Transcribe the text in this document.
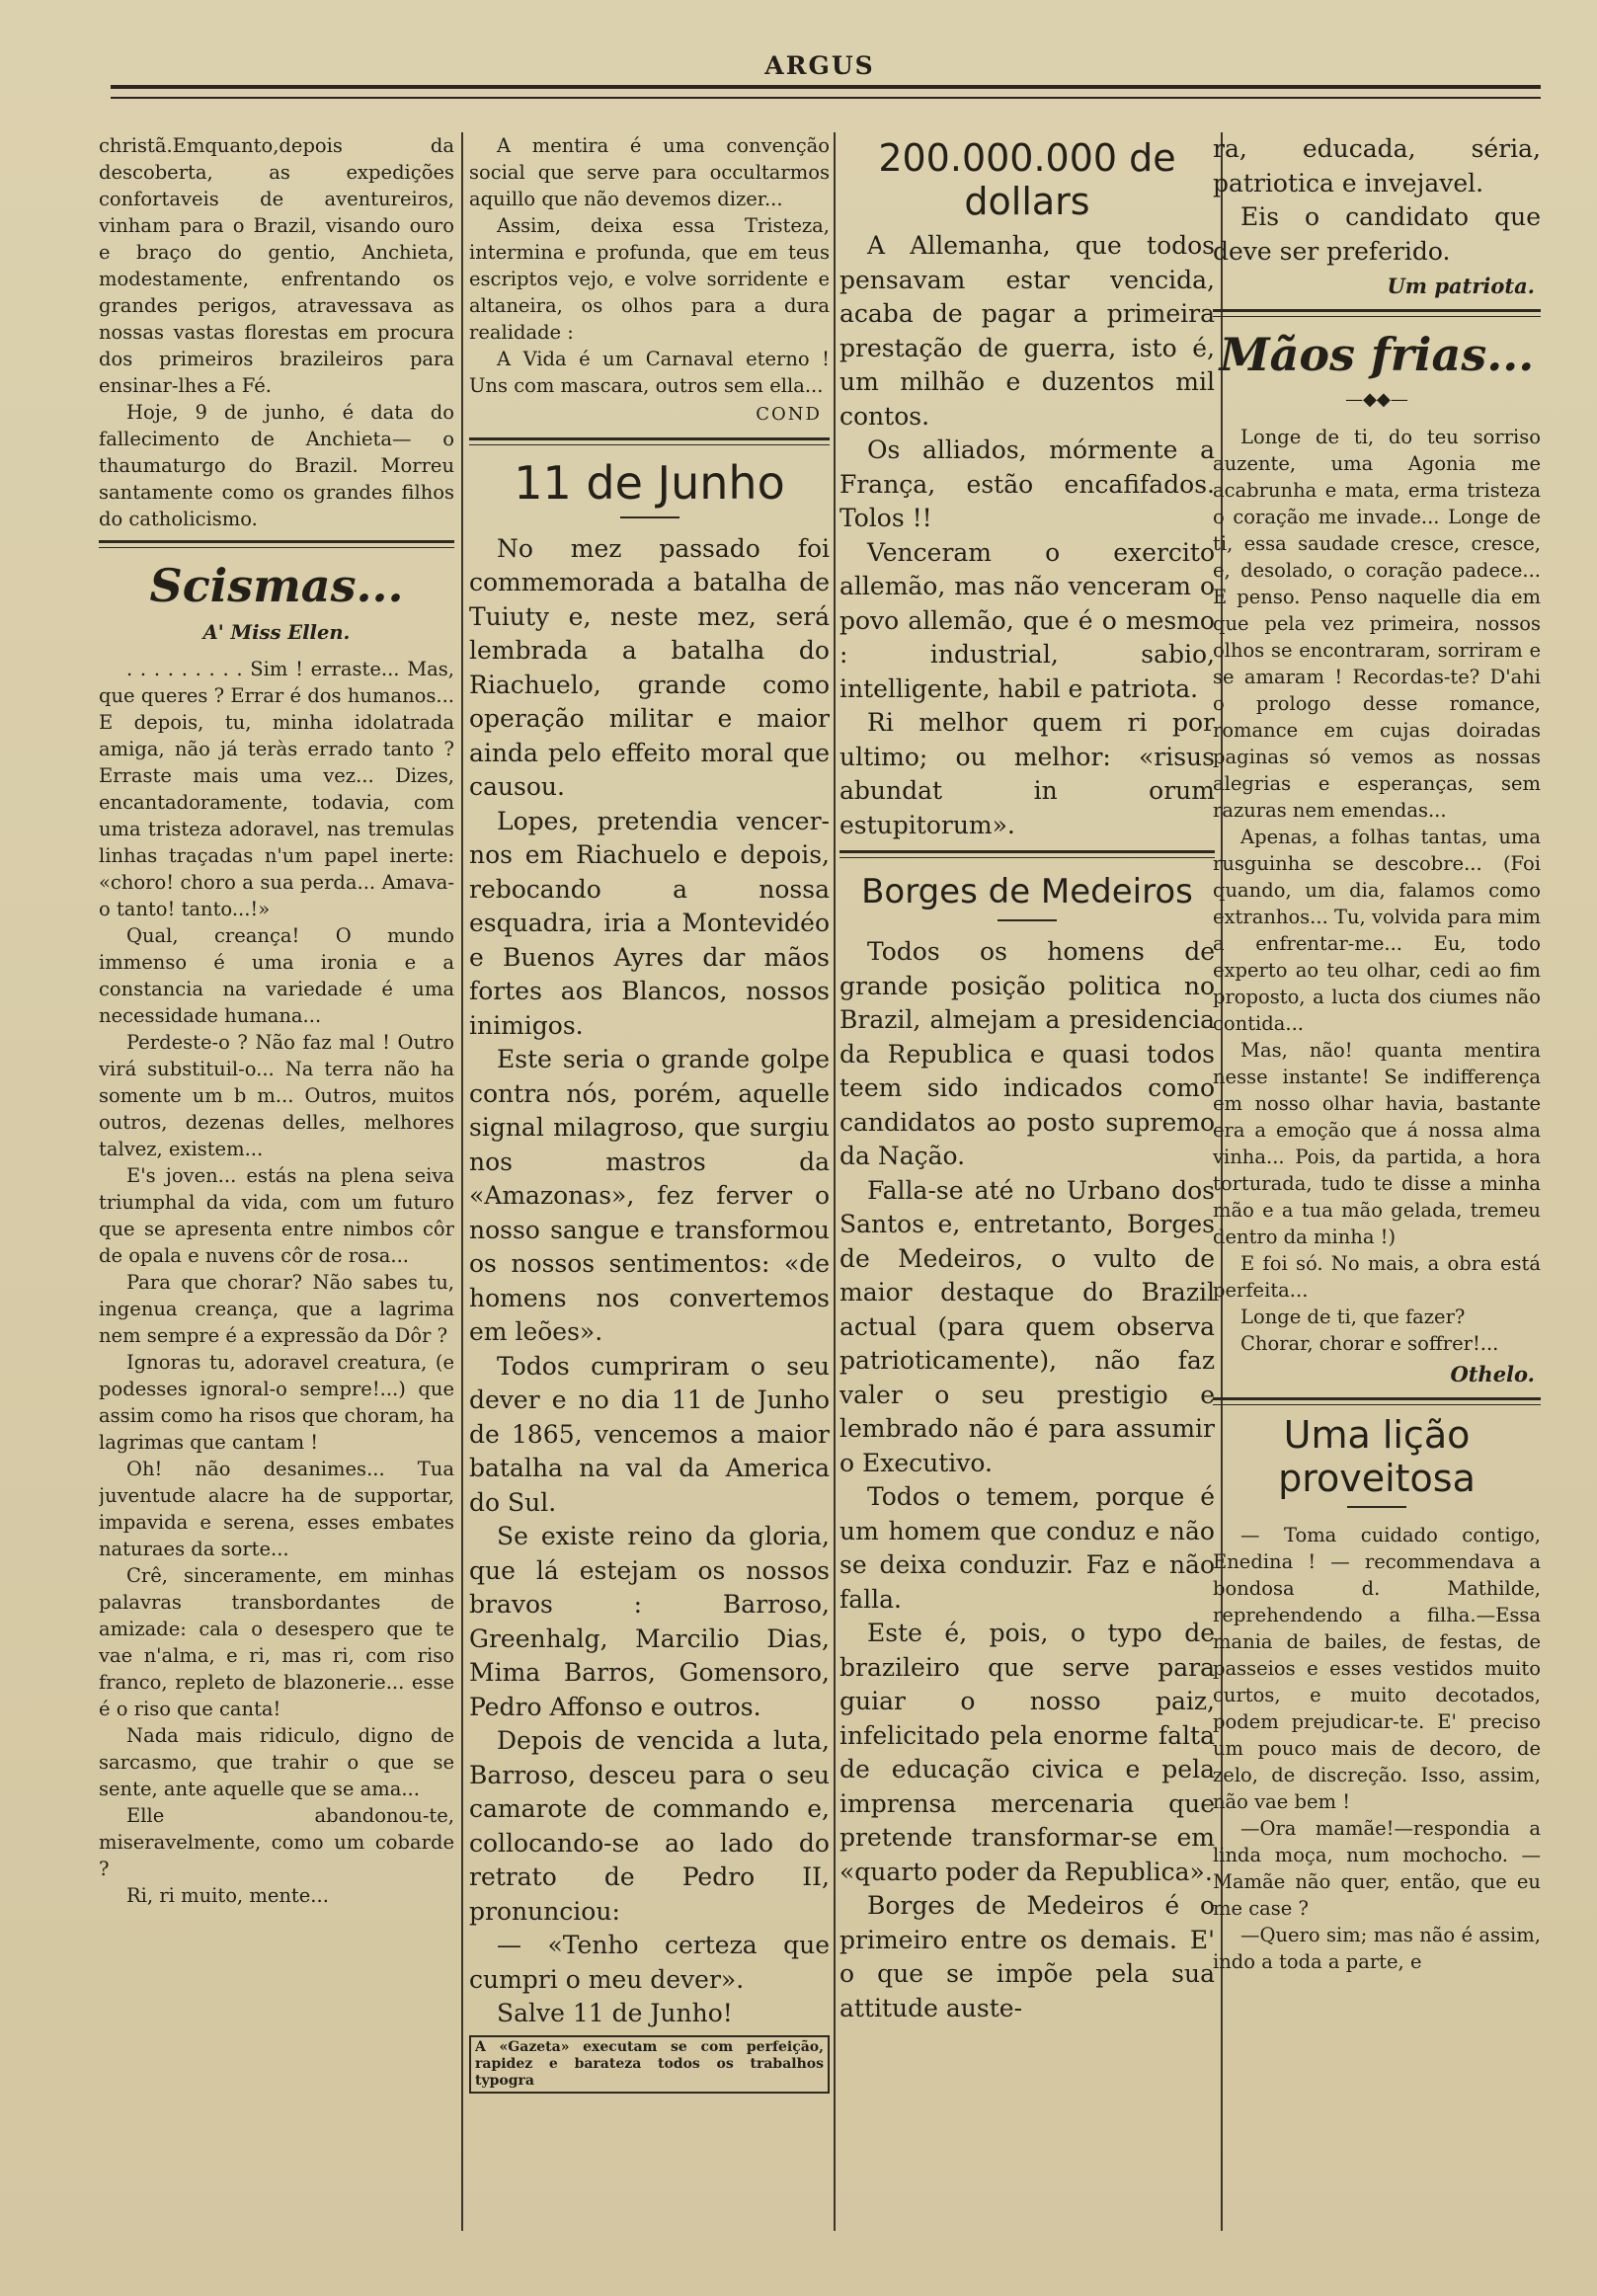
ARGUS

christã.Emquanto,depois da descoberta, as expedições confortaveis de aventureiros, vinham para o Brazil, visando ouro e braço do gentio, Anchieta, modestamente, enfrentando os grandes perigos, atravessava as nossas vastas florestas em procura dos primeiros brazileiros para ensinar-lhes a Fé.

Hoje, 9 de junho, é data do fallecimento de Anchieta— o thaumaturgo do Brazil. Morreu santamente como os grandes filhos do catholicismo.

Scismas...
A' Miss Ellen.

. . . . . . . . . Sim ! erraste... Mas, que queres ? Errar é dos humanos... E depois, tu, minha idolatrada amiga, não já teràs errado tanto ? Erraste mais uma vez... Dizes, encantadoramente, todavia, com uma tristeza adoravel, nas tremulas linhas traçadas n'um papel inerte: «choro! choro a sua perda... Amava-o tanto! tanto...!»

Qual, creança! O mundo immenso é uma ironia e a constancia na variedade é uma necessidade humana...

Perdeste-o ? Não faz mal ! Outro virá substituil-o... Na terra não ha somente um b m... Outros, muitos outros, dezenas delles, melhores talvez, existem...

E's joven... estás na plena seiva triumphal da vida, com um futuro que se apresenta entre nimbos côr de opala e nuvens côr de rosa...

Para que chorar? Não sabes tu, ingenua creança, que a lagrima nem sempre é a expressão da Dôr ?

Ignoras tu, adoravel creatura, (e podesses ignoral-o sempre!...) que assim como ha risos que choram, ha lagrimas que cantam !

Oh! não desanimes... Tua juventude alacre ha de supportar, impavida e serena, esses embates naturaes da sorte...

Crê, sinceramente, em minhas palavras transbordantes de amizade: cala o desespero que te vae n'alma, e ri, mas ri, com riso franco, repleto de blazonerie... esse é o riso que canta!

Nada mais ridiculo, digno de sarcasmo, que trahir o que se sente, ante aquelle que se ama...

Elle abandonou-te, miseravelmente, como um cobarde ?

Ri, ri muito, mente...

A mentira é uma convenção social que serve para occultarmos aquillo que não devemos dizer...

Assim, deixa essa Tristeza, interminа e profunda, que em teus escriptos vejo, e volve sorridente e altaneira, os olhos para a dura realidade :

A Vida é um Carnaval eterno ! Uns com mascara, outros sem ella...

COND
11 de Junho

No mez passado foi commemorada a batalha de Tuiuty e, neste mez, será lembrada a batalha do Riachuelo, grande como operação militar e maior ainda pelo effeito moral que causou.

Lopes, pretendia vencer-nos em Riachuelo e depois, rebocando a nossa esquadra, iria a Montevidéo e Buenos Ayres dar mãos fortes aos Blancos, nossos inimigos.

Este seria o grande golpe contra nós, porém, aquelle signal milagroso, que surgiu nos mastros da «Amazonas», fez ferver o nosso sangue e transformou os nossos sentimentos: «de homens nos convertemos em leões».

Todos cumpriram o seu dever e no dia 11 de Junho de 1865, vencemos a maior batalha na val da America do Sul.

Se existe reino da gloria, que lá estejam os nossos bravos : Barroso, Greenhalg, Marcilio Dias, Mima Barros, Gomensoro, Pedro Affonso e outros.

Depois de vencida a luta, Barroso, desceu para o seu camarote de commando e, collocando-se ao lado do retrato de Pedro II, pronunciou:

— «Tenho certeza que cumpri o meu dever».

Salve 11 de Junho!

A «Gazeta» executam se com perfeição, rapidez e barateza todos os trabalhos typogra
200.000.000 de dollars

A Allemanha, que todos pensavam estar vencida, acaba de pagar a primeira prestação de guerra, isto é, um milhão e duzentos mil contos.

Os alliados, mórmente a França, estão encafifados. Tolos !!

Venceram o exercito allemão, mas não venceram o povo allemão, que é o mesmo : industrial, sabio, intelligente, habil e patriota.

Ri melhor quem ri por ultimo; ou melhor: «risus abundat in orum estupitorum».

Borges de Medeiros

Todos os homens de grande posição politica no Brazil, almejam a presidencia da Republica e quasi todos teem sido indicados como candidatos ao posto supremo da Nação.

Falla-se até no Urbano dos Santos e, entretanto, Borges de Medeiros, o vulto de maior destaque do Brazil actual (para quem observa patrioticamente), não faz valer o seu prestigio e lembrado não é para assumir o Executivo.

Todos o temem, porque é um homem que conduz e não se deixa conduzir. Faz e não falla.

Este é, pois, o typo de brazileiro que serve para guiar o nosso paiz, infelicitado pela enorme falta de educação civica e pela imprensa mercenaria que pretende transformar-se em «quarto poder da Republica».

Borges de Medeiros é o primeiro entre os demais. E' o que se impõe pela sua attitude auste-

ra, educada, séria, patriotica e invejavel.

Eis o candidato que deve ser preferido.

Um patriota.
Mãos frias...
—◆◆—

Longe de ti, do teu sorriso auzente, uma Agonia me acabrunha e mata, erma tristeza o coração me invade... Longe de ti, essa saudade cresce, cresce, e, desolado, o coração padece... E penso. Penso naquelle dia em que pela vez primeira, nossos olhos se encontraram, sorriram e se amaram ! Recordas-te? D'ahi o prologo desse romance, romance em cujas doiradas paginas só vemos as nossas alegrias e esperanças, sem razuras nem emendas...

Apenas, a folhas tantas, uma rusguinha se descobre... (Foi quando, um dia, falamos como extranhos... Tu, volvida para mim a enfrentar-me... Eu, todo experto ao teu olhar, cedi ao fim proposto, a lucta dos ciumes não contida...

Mas, não! quanta mentira nesse instante! Se indifferença em nosso olhar havia, bastante era a emoção que á nossa alma vinha... Pois, da partida, a hora torturada, tudo te disse a minha mão e a tua mão gelada, tremeu dentro da minha !)

E foi só. No mais, a obra está perfeita...

Longe de ti, que fazer?

Chorar, chorar e soffrer!...

Othelo.
Uma lição proveitosa

— Toma cuidado contigo, Enedina ! — recommendava a bondosa d. Mathilde, reprehendendo a filha.—Essa mania de bailes, de festas, de passeios e esses vestidos muito curtos, e muito decotados, podem prejudicar-te. E' preciso um pouco mais de decoro, de zelo, de discreção. Isso, assim, não vae bem !

—Ora mamãe!—respondia a linda moça, num mochocho. —Mamãe não quer, então, que eu me case ?

—Quero sim; mas não é assim, indo a toda a parte, e
